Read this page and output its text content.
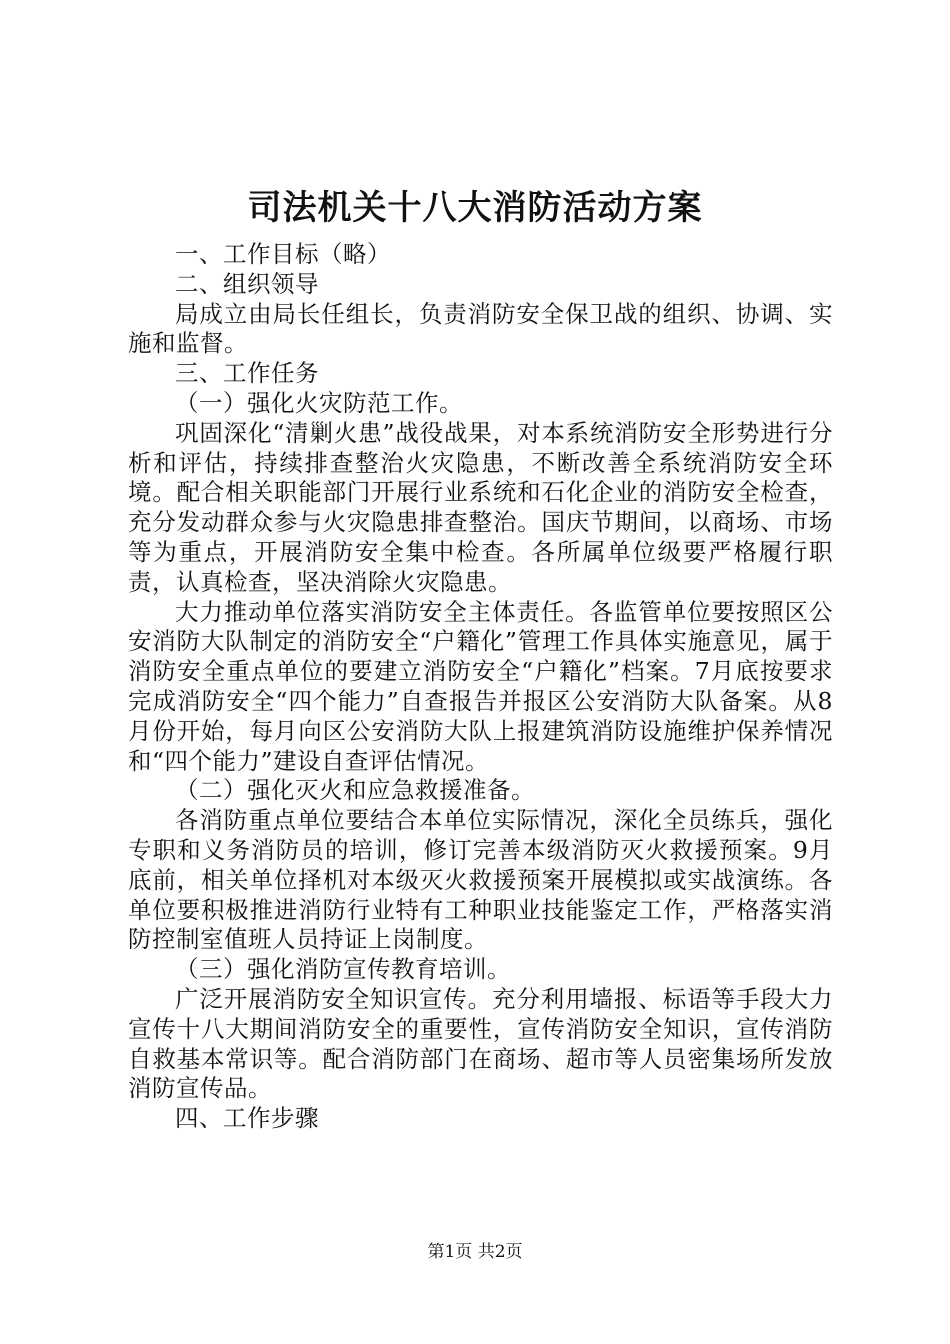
司法机关十八大消防活动方案

一、工作目标（略）

二、组织领导

局成立由局长任组长，负责消防安全保卫战的组织、协调、实施和监督。

三、工作任务

（一）强化火灾防范工作。

巩固深化“清剿火患”战役战果，对本系统消防安全形势进行分析和评估，持续排查整治火灾隐患，不断改善全系统消防安全环境。配合相关职能部门开展行业系统和石化企业的消防安全检查，充分发动群众参与火灾隐患排查整治。国庆节期间，以商场、市场等为重点，开展消防安全集中检查。各所属单位级要严格履行职责，认真检查，坚决消除火灾隐患。

大力推动单位落实消防安全主体责任。各监管单位要按照区公安消防大队制定的消防安全“户籍化”管理工作具体实施意见，属于消防安全重点单位的要建立消防安全“户籍化”档案。7月底按要求完成消防安全“四个能力”自查报告并报区公安消防大队备案。从8月份开始，每月向区公安消防大队上报建筑消防设施维护保养情况和“四个能力”建设自查评估情况。

（二）强化灭火和应急救援准备。

各消防重点单位要结合本单位实际情况，深化全员练兵，强化专职和义务消防员的培训，修订完善本级消防灭火救援预案。9月底前，相关单位择机对本级灭火救援预案开展模拟或实战演练。各单位要积极推进消防行业特有工种职业技能鉴定工作，严格落实消防控制室值班人员持证上岗制度。

（三）强化消防宣传教育培训。

广泛开展消防安全知识宣传。充分利用墙报、标语等手段大力宣传十八大期间消防安全的重要性，宣传消防安全知识，宣传消防自救基本常识等。配合消防部门在商场、超市等人员密集场所发放消防宣传品。

四、工作步骤

第1页 共2页
